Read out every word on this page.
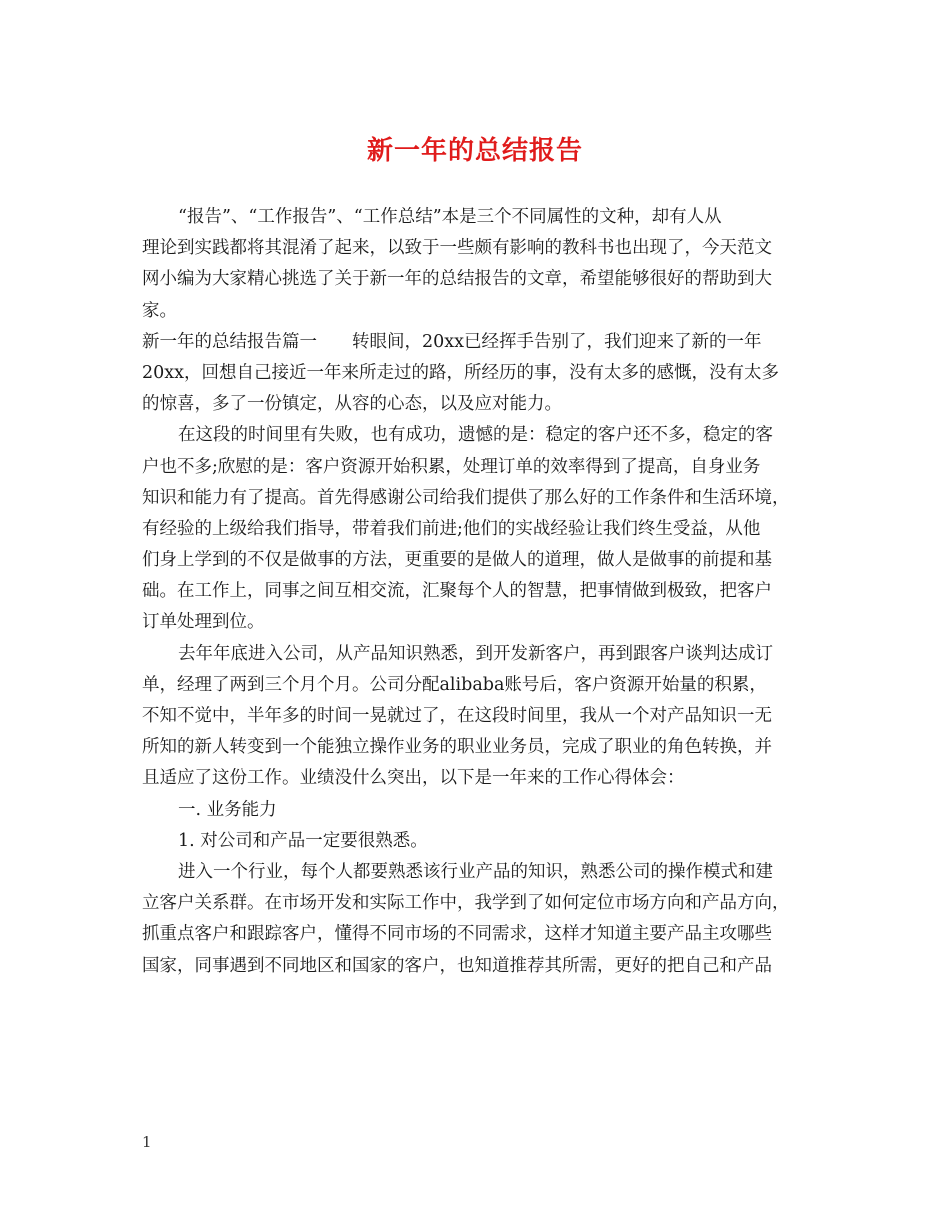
新一年的总结报告
“报告”、“工作报告”、“工作总结”本是三个不同属性的文种，却有人从
理论到实践都将其混淆了起来，以致于一些颇有影响的教科书也出现了，今天范文
网小编为大家精心挑选了关于新一年的总结报告的文章，希望能够很好的帮助到大
家。
新一年的总结报告篇一　　转眼间，20xx已经挥手告别了，我们迎来了新的一年
20xx，回想自己接近一年来所走过的路，所经历的事，没有太多的感慨，没有太多
的惊喜，多了一份镇定，从容的心态，以及应对能力。
在这段的时间里有失败，也有成功，遗憾的是：稳定的客户还不多，稳定的客
户也不多;欣慰的是：客户资源开始积累，处理订单的效率得到了提高，自身业务
知识和能力有了提高。首先得感谢公司给我们提供了那么好的工作条件和生活环境，
有经验的上级给我们指导，带着我们前进;他们的实战经验让我们终生受益，从他
们身上学到的不仅是做事的方法，更重要的是做人的道理，做人是做事的前提和基
础。在工作上，同事之间互相交流，汇聚每个人的智慧，把事情做到极致，把客户
订单处理到位。
去年年底进入公司，从产品知识熟悉，到开发新客户，再到跟客户谈判达成订
单，经理了两到三个月个月。公司分配alibaba账号后，客户资源开始量的积累，
不知不觉中，半年多的时间一晃就过了，在这段时间里，我从一个对产品知识一无
所知的新人转变到一个能独立操作业务的职业业务员，完成了职业的角色转换，并
且适应了这份工作。业绩没什么突出，以下是一年来的工作心得体会：
一. 业务能力
1. 对公司和产品一定要很熟悉。
进入一个行业，每个人都要熟悉该行业产品的知识，熟悉公司的操作模式和建
立客户关系群。在市场开发和实际工作中，我学到了如何定位市场方向和产品方向，
抓重点客户和跟踪客户，懂得不同市场的不同需求，这样才知道主要产品主攻哪些
国家，同事遇到不同地区和国家的客户，也知道推荐其所需，更好的把自己和产品
1
